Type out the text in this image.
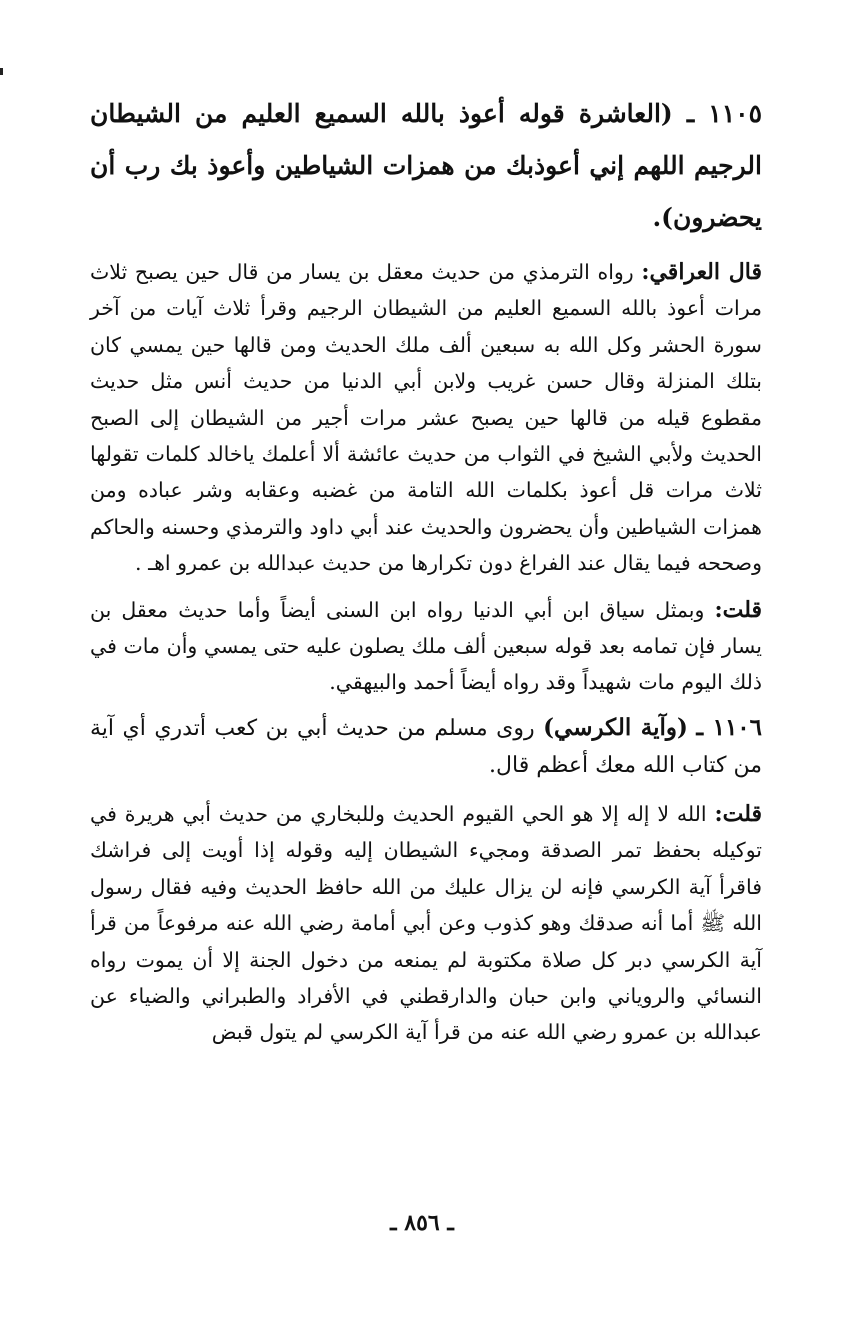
١١٠٥ ـ (العاشرة قوله أعوذ بالله السميع العليم من الشيطان الرجيم اللهم إني أعوذبك من همزات الشياطين وأعوذ بك رب أن يحضرون).

قال العراقي: رواه الترمذي من حديث معقل بن يسار من قال حين يصبح ثلاث مرات أعوذ بالله السميع العليم من الشيطان الرجيم وقرأ ثلاث آيات من آخر سورة الحشر وكل الله به سبعين ألف ملك الحديث ومن قالها حين يمسي كان بتلك المنزلة وقال حسن غريب ولابن أبي الدنيا من حديث أنس مثل حديث مقطوع قيله من قالها حين يصبح عشر مرات أجير من الشيطان إلى الصبح الحديث ولأبي الشيخ في الثواب من حديث عائشة ألا أعلمك ياخالد كلمات تقولها ثلاث مرات قل أعوذ بكلمات الله التامة من غضبه وعقابه وشر عباده ومن همزات الشياطين وأن يحضرون والحديث عند أبي داود والترمذي وحسنه والحاكم وصححه فيما يقال عند الفراغ دون تكرارها من حديث عبدالله بن عمرو اهـ .

قلت: وبمثل سياق ابن أبي الدنيا رواه ابن السنى أيضاً وأما حديث معقل بن يسار فإن تمامه بعد قوله سبعين ألف ملك يصلون عليه حتى يمسي وأن مات في ذلك اليوم مات شهيداً وقد رواه أيضاً أحمد والبيهقي.

١١٠٦ ـ (وآية الكرسي) روى مسلم من حديث أبي بن كعب أتدري أي آية من كتاب الله معك أعظم قال.

قلت: الله لا إله إلا هو الحي القيوم الحديث وللبخاري من حديث أبي هريرة في توكيله بحفظ تمر الصدقة ومجيء الشيطان إليه وقوله إذا أويت إلى فراشك فاقرأ آية الكرسي فإنه لن يزال عليك من الله حافظ الحديث وفيه فقال رسول الله ﷺ أما أنه صدقك وهو كذوب وعن أبي أمامة رضي الله عنه مرفوعاً من قرأ آية الكرسي دبر كل صلاة مكتوبة لم يمنعه من دخول الجنة إلا أن يموت رواه النسائي والروياني وابن حبان والدارقطني في الأفراد والطبراني والضياء عن عبدالله بن عمرو رضي الله عنه من قرأ آية الكرسي لم يتول قبض

ـ ٨٥٦ ـ
